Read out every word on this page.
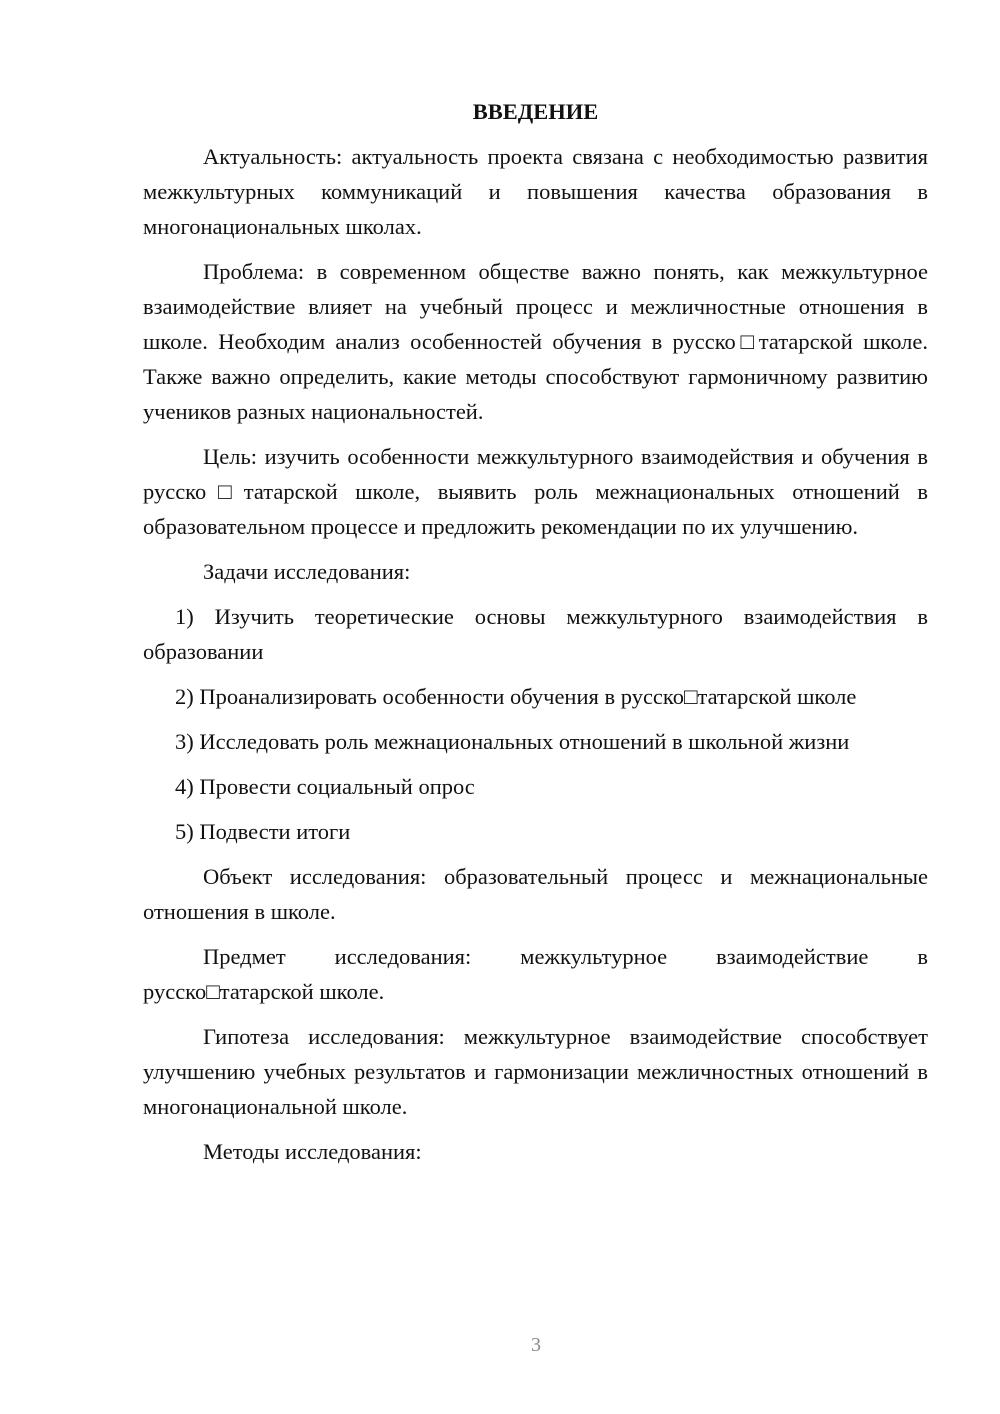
ВВЕДЕНИЕ

Актуальность: актуальность проекта связана с необходимостью развития межкультурных коммуникаций и повышения качества образования в многонациональных школах.

Проблема: в современном обществе важно понять, как межкультурное взаимодействие влияет на учебный процесс и межличностные отношения в школе. Необходим анализ особенностей обучения в русско□татарской школе. Также важно определить, какие методы способствуют гармоничному развитию учеников разных национальностей.

Цель: изучить особенности межкультурного взаимодействия и обучения в русско□татарской школе, выявить роль межнациональных отношений в образовательном процессе и предложить рекомендации по их улучшению.

Задачи исследования:

1) Изучить теоретические основы межкультурного взаимодействия в образовании

2) Проанализировать особенности обучения в русско□татарской школе

3) Исследовать роль межнациональных отношений в школьной жизни

4) Провести социальный опрос

5) Подвести итоги

Объект исследования: образовательный процесс и межнациональные отношения в школе.

Предмет исследования: межкультурное взаимодействие в русско□татарской школе.

Гипотеза исследования: межкультурное взаимодействие способствует улучшению учебных результатов и гармонизации межличностных отношений в многонациональной школе.

Методы исследования:

3
